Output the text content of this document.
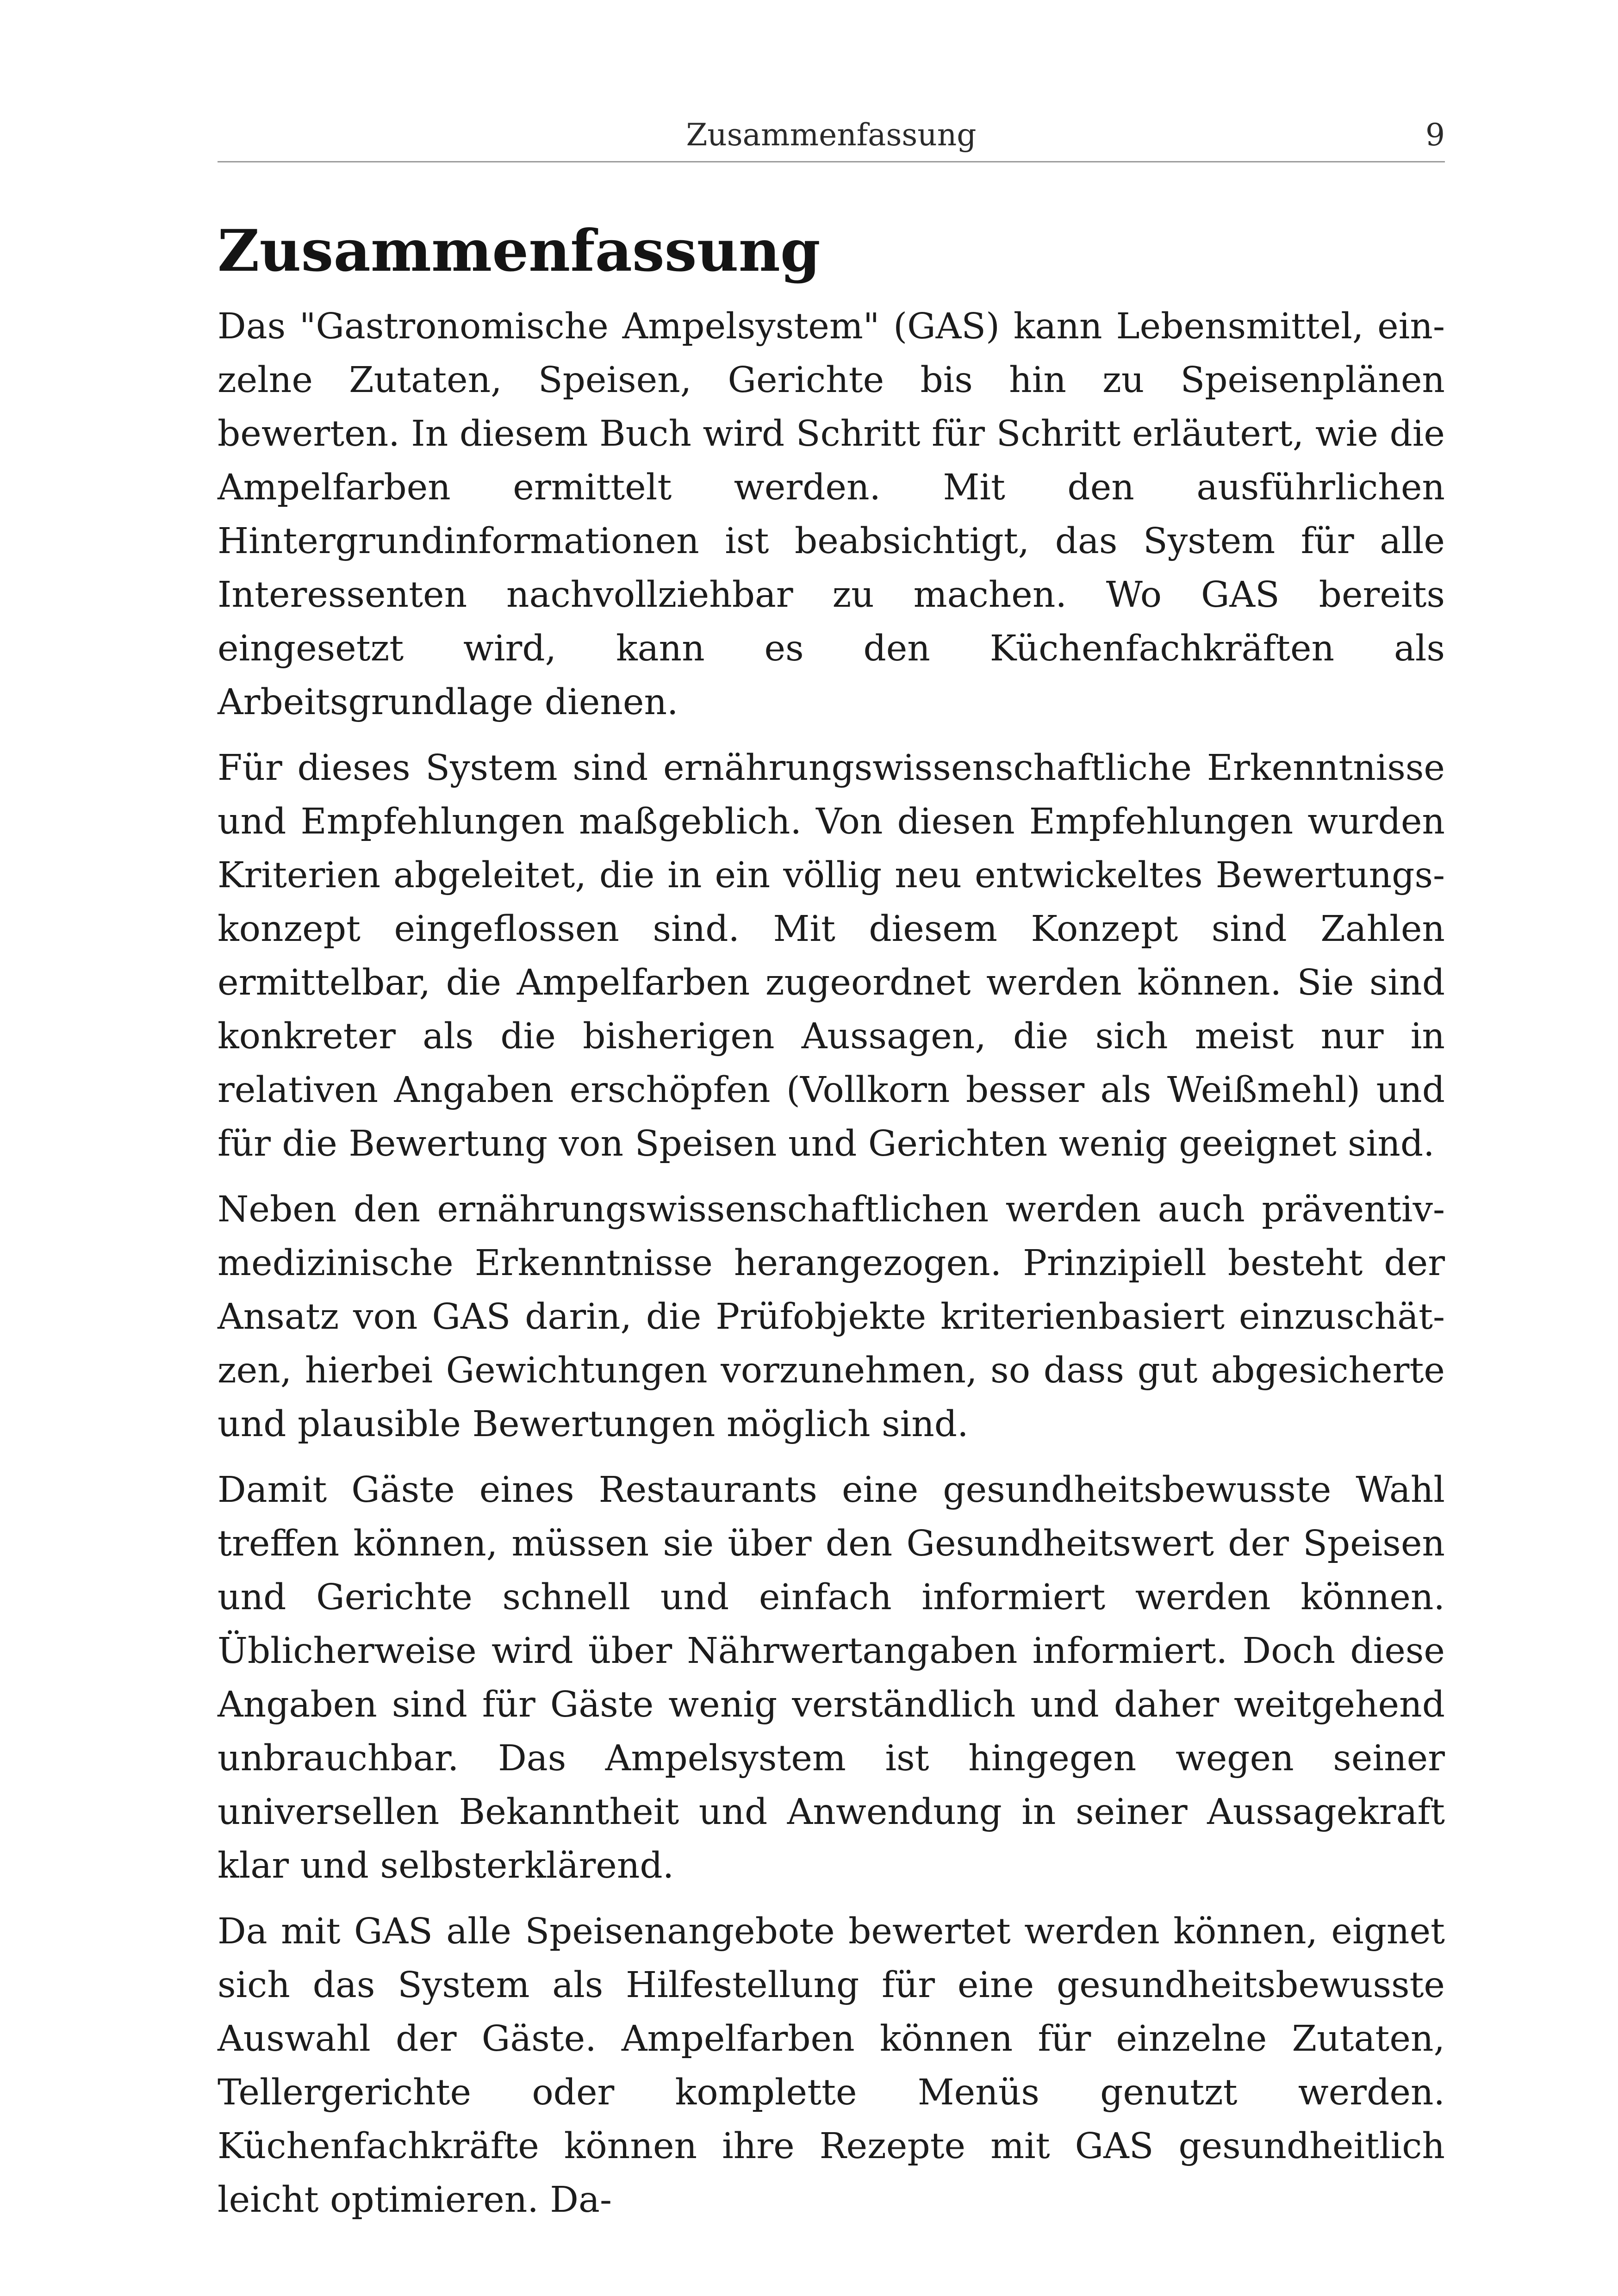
Zusammenfassung	9
Zusammenfassung

Das "Gastronomische Ampelsystem" (GAS) kann Lebensmittel, einzelne Zutaten, Speisen, Gerichte bis hin zu Speisenplänen bewerten. In diesem Buch wird Schritt für Schritt erläutert, wie die Ampelfarben ermittelt werden. Mit den ausführlichen Hintergrundinformationen ist beabsichtigt, das System für alle Interessenten nachvollziehbar zu machen. Wo GAS bereits eingesetzt wird, kann es den Küchenfachkräften als Arbeitsgrundlage dienen.

Für dieses System sind ernährungswissenschaftliche Erkenntnisse und Empfehlungen maßgeblich. Von diesen Empfehlungen wurden Kriterien abgeleitet, die in ein völlig neu entwickeltes Bewertungskonzept eingeflossen sind. Mit diesem Konzept sind Zahlen ermittelbar, die Ampelfarben zugeordnet werden können. Sie sind konkreter als die bisherigen Aussagen, die sich meist nur in relativen Angaben erschöpfen (Vollkorn besser als Weißmehl) und für die Bewertung von Speisen und Gerichten wenig geeignet sind.

Neben den ernährungswissenschaftlichen werden auch präventivmedizinische Erkenntnisse herangezogen. Prinzipiell besteht der Ansatz von GAS darin, die Prüfobjekte kriterienbasiert einzuschätzen, hierbei Gewichtungen vorzunehmen, so dass gut abgesicherte und plausible Bewertungen möglich sind.

Damit Gäste eines Restaurants eine gesundheitsbewusste Wahl treffen können, müssen sie über den Gesundheitswert der Speisen und Gerichte schnell und einfach informiert werden können. Üblicherweise wird über Nährwertangaben informiert. Doch diese Angaben sind für Gäste wenig verständlich und daher weitgehend unbrauchbar. Das Ampelsystem ist hingegen wegen seiner universellen Bekanntheit und Anwendung in seiner Aussagekraft klar und selbsterklärend.

Da mit GAS alle Speisenangebote bewertet werden können, eignet sich das System als Hilfestellung für eine gesundheitsbewusste Auswahl der Gäste. Ampelfarben können für einzelne Zutaten, Tellergerichte oder komplette Menüs genutzt werden. Küchenfachkräfte können ihre Rezepte mit GAS gesundheitlich leicht optimieren. Da-
